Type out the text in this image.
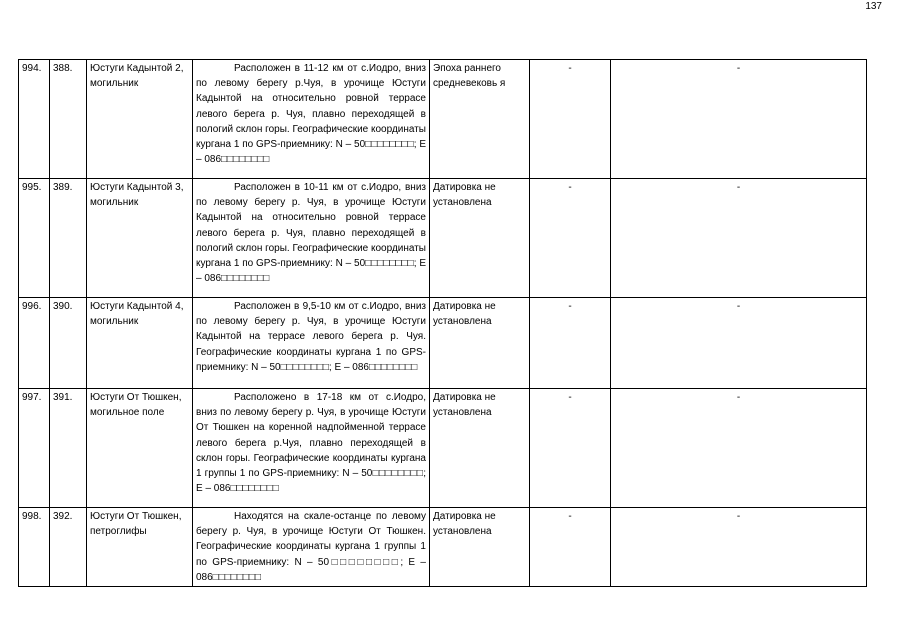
137
994.	388.	Юстуги Кадынтой 2, могильник	Расположен в 11-12 км от с.Иодро, вниз по левому берегу р.Чуя, в урочище Юстуги Кадынтой на относительно ровной террасе левого берега р. Чуя, плавно переходящей в пологий склон горы. Географические координаты кургана 1 по GPS-приемнику: N – 50□□□□□□□□; E – 086□□□□□□□□	Эпоха раннего средневековь я	-	-
995.	389.	Юстуги Кадынтой 3, могильник	Расположен в 10-11 км от с.Иодро, вниз по левому берегу р. Чуя, в урочище Юстуги Кадынтой на относительно ровной террасе левого берега р. Чуя, плавно переходящей в пологий склон горы. Географические координаты кургана 1 по GPS-приемнику: N – 50□□□□□□□□; E – 086□□□□□□□□	Датировка не установлена	-	-
996.	390.	Юстуги Кадынтой 4, могильник	Расположен в 9,5-10 км от с.Иодро, вниз по левому берегу р. Чуя, в урочище Юстуги Кадынтой на террасе левого берега р. Чуя. Географические координаты кургана 1 по GPS-приемнику: N – 50□□□□□□□□; E – 086□□□□□□□□	Датировка не установлена	-	-
997.	391.	Юстуги От Тюшкен, могильное поле	Расположено в 17-18 км от с.Иодро, вниз по левому берегу р. Чуя, в урочище Юстуги От Тюшкен на коренной надпойменной террасе левого берега р.Чуя, плавно переходящей в склон горы. Географические координаты кургана 1 группы 1 по GPS-приемнику: N – 50□□□□□□□□; E – 086□□□□□□□□	Датировка не установлена	-	-
998.	392.	Юстуги От Тюшкен, петроглифы	Находятся на скале-останце по левому берегу р. Чуя, в урочище Юстуги От Тюшкен. Географические координаты кургана 1 группы 1 по GPS-приемнику: N – 50□□□□□□□□; E – 086□□□□□□□□	Датировка не установлена	-	-
